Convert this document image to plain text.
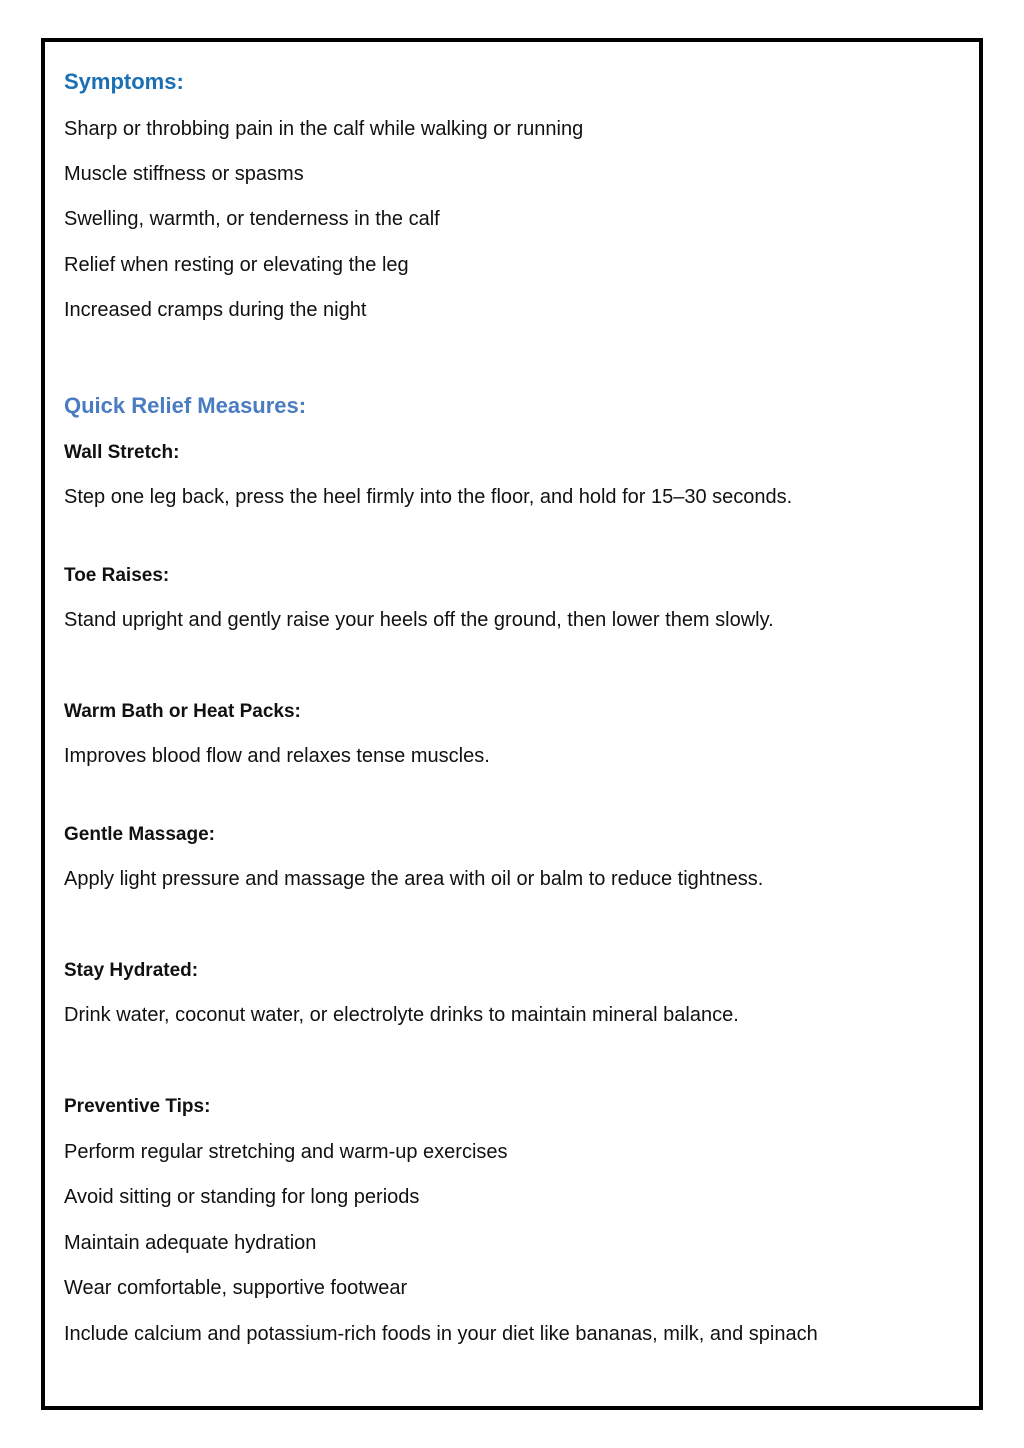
Symptoms:

Sharp or throbbing pain in the calf while walking or running

Muscle stiffness or spasms

Swelling, warmth, or tenderness in the calf

Relief when resting or elevating the leg

Increased cramps during the night

Quick Relief Measures:

Wall Stretch:

Step one leg back, press the heel firmly into the floor, and hold for 15–30 seconds.

Toe Raises:

Stand upright and gently raise your heels off the ground, then lower them slowly.

Warm Bath or Heat Packs:

Improves blood flow and relaxes tense muscles.

Gentle Massage:

Apply light pressure and massage the area with oil or balm to reduce tightness.

Stay Hydrated:

Drink water, coconut water, or electrolyte drinks to maintain mineral balance.

Preventive Tips:

Perform regular stretching and warm-up exercises

Avoid sitting or standing for long periods

Maintain adequate hydration

Wear comfortable, supportive footwear

Include calcium and potassium-rich foods in your diet like bananas, milk, and spinach
